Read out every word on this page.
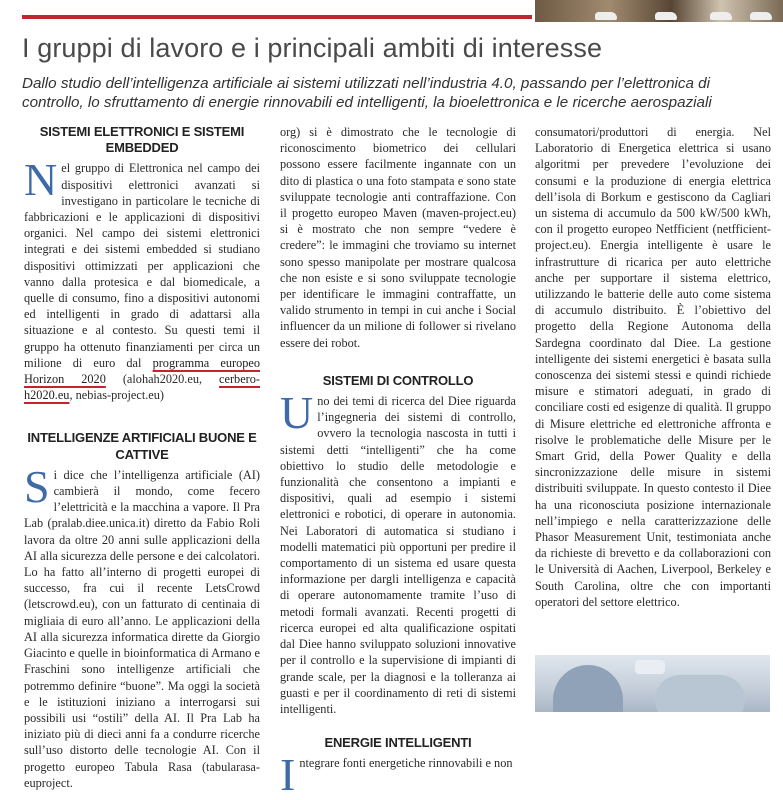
I gruppi di lavoro e i principali ambiti di interesse

Dallo studio dell’intelligenza artificiale ai sistemi utilizzati nell’industria 4.0, passando per l’elettronica di controllo, lo sfruttamento di energie rinnovabili ed intelligenti, la bioelettronica e le ricerche aerospaziali

SISTEMI ELETTRONICI E SISTEMI EMBEDDED

Nel gruppo di Elettronica nel campo dei dispositivi elettronici avanzati si investigano in particolare le tecniche di fabbricazioni e le applicazioni di dispositivi organici. Nel campo dei sistemi elettronici integrati e dei sistemi embedded si studiano dispositivi ottimizzati per applicazioni che vanno dalla protesica e dal biomedicale, a quelle di consumo, fino a dispositivi autonomi ed intelligenti in grado di adattarsi alla situazione e al contesto. Su questi temi il gruppo ha ottenuto finanziamenti per circa un milione di euro dal programma europeo Horizon 2020 (alohah2020.eu, cerbero-h2020.eu, nebias-project.eu)

INTELLIGENZE ARTIFICIALI BUONE E CATTIVE

Si dice che l’intelligenza artificiale (AI) cambierà il mondo, come fecero l’elettricità e la macchina a vapore. Il Pra Lab (pralab.diee.unica.it) diretto da Fabio Roli lavora da oltre 20 anni sulle applicazioni della AI alla sicurezza delle persone e dei calcolatori. Lo ha fatto all’interno di progetti europei di successo, fra cui il recente LetsCrowd (letscrowd.eu), con un fatturato di centinaia di migliaia di euro all’anno. Le applicazioni della AI alla sicurezza informatica dirette da Giorgio Giacinto e quelle in bioinformatica di Armano e Fraschini sono intelligenze artificiali che potremmo definire “buone”. Ma oggi la società e le istituzioni iniziano a interrogarsi sui possibili usi “ostili” della AI. Il Pra Lab ha iniziato più di dieci anni fa a condurre ricerche sull’uso distorto delle tecnologie AI. Con il progetto europeo Tabula Rasa (tabularasa-euproject.

org) si è dimostrato che le tecnologie di riconoscimento biometrico dei cellulari possono essere facilmente ingannate con un dito di plastica o una foto stampata e sono state sviluppate tecnologie anti contraffazione. Con il progetto europeo Maven (maven-project.eu) si è mostrato che non sempre “vedere è credere”: le immagini che troviamo su internet sono spesso manipolate per mostrare qualcosa che non esiste e si sono sviluppate tecnologie per identificare le immagini contraffatte, un valido strumento in tempi in cui anche i Social influencer da un milione di follower si rivelano essere dei robot.

SISTEMI DI CONTROLLO

Uno dei temi di ricerca del Diee riguarda l’ingegneria dei sistemi di controllo, ovvero la tecnologia nascosta in tutti i sistemi detti “intelligenti” che ha come obiettivo lo studio delle metodologie e funzionalità che consentono a impianti e dispositivi, quali ad esempio i sistemi elettronici e robotici, di operare in autonomia. Nei Laboratori di automatica si studiano i modelli matematici più opportuni per predire il comportamento di un sistema ed usare questa informazione per dargli intelligenza e capacità di operare autonomamente tramite l’uso di metodi formali avanzati. Recenti progetti di ricerca europei ed alta qualificazione ospitati dal Diee hanno sviluppato soluzioni innovative per il controllo e la supervisione di impianti di grande scale, per la diagnosi e la tolleranza ai guasti e per il coordinamento di reti di sistemi intelligenti.

ENERGIE INTELLIGENTI

Integrare fonti energetiche rinnovabili e non

consumatori/produttori di energia. Nel Laboratorio di Energetica elettrica si usano algoritmi per prevedere l’evoluzione dei consumi e la produzione di energia elettrica dell’isola di Borkum e gestiscono da Cagliari un sistema di accumulo da 500 kW/500 kWh, con il progetto europeo Netfficient (netfficient-project.eu). Energia intelligente è usare le infrastrutture di ricarica per auto elettriche anche per supportare il sistema elettrico, utilizzando le batterie delle auto come sistema di accumulo distribuito. È l’obiettivo del progetto della Regione Autonoma della Sardegna coordinato dal Diee. La gestione intelligente dei sistemi energetici è basata sulla conoscenza dei sistemi stessi e quindi richiede misure e stimatori adeguati, in grado di conciliare costi ed esigenze di qualità. Il gruppo di Misure elettriche ed elettroniche affronta e risolve le problematiche delle Misure per le Smart Grid, della Power Quality e della sincronizzazione delle misure in sistemi distribuiti sviluppate. In questo contesto il Diee ha una riconosciuta posizione internazionale nell’impiego e nella caratterizzazione delle Phasor Measurement Unit, testimoniata anche da richieste di brevetto e da collaborazioni con le Università di Aachen, Liverpool, Berkeley e South Carolina, oltre che con importanti operatori del settore elettrico.
